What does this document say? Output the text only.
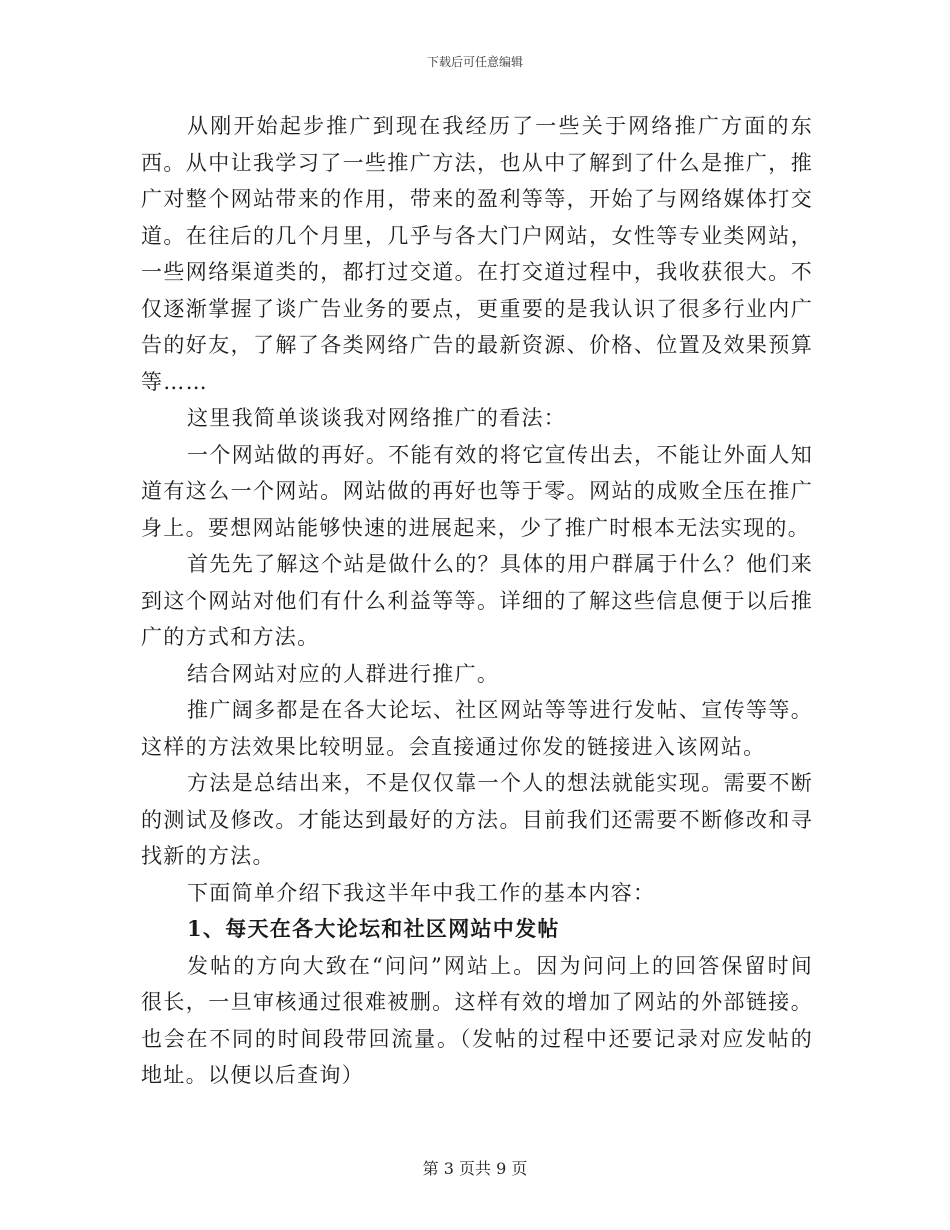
下载后可任意编辑

从刚开始起步推广到现在我经历了一些关于网络推广方面的东西。从中让我学习了一些推广方法，也从中了解到了什么是推广，推广对整个网站带来的作用，带来的盈利等等，开始了与网络媒体打交道。在往后的几个月里，几乎与各大门户网站，女性等专业类网站，一些网络渠道类的，都打过交道。在打交道过程中，我收获很大。不仅逐渐掌握了谈广告业务的要点，更重要的是我认识了很多行业内广告的好友，了解了各类网络广告的最新资源、价格、位置及效果预算等……

这里我简单谈谈我对网络推广的看法：

一个网站做的再好。不能有效的将它宣传出去，不能让外面人知道有这么一个网站。网站做的再好也等于零。网站的成败全压在推广身上。要想网站能够快速的进展起来，少了推广时根本无法实现的。

首先先了解这个站是做什么的？具体的用户群属于什么？他们来到这个网站对他们有什么利益等等。详细的了解这些信息便于以后推广的方式和方法。

结合网站对应的人群进行推广。

推广阔多都是在各大论坛、社区网站等等进行发帖、宣传等等。这样的方法效果比较明显。会直接通过你发的链接进入该网站。

方法是总结出来，不是仅仅靠一个人的想法就能实现。需要不断的测试及修改。才能达到最好的方法。目前我们还需要不断修改和寻找新的方法。

下面简单介绍下我这半年中我工作的基本内容：

1、每天在各大论坛和社区网站中发帖

发帖的方向大致在“问问”网站上。因为问问上的回答保留时间很长，一旦审核通过很难被删。这样有效的增加了网站的外部链接。也会在不同的时间段带回流量。（发帖的过程中还要记录对应发帖的地址。以便以后查询）

第 3 页共 9 页
